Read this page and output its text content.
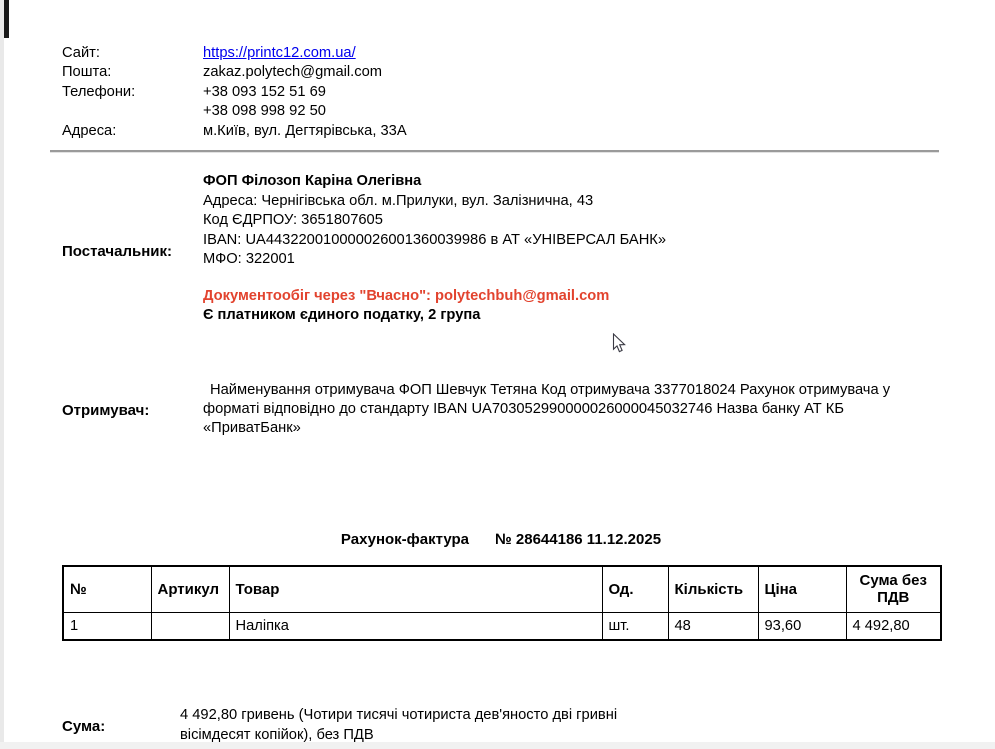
Сайт:	https://printc12.com.ua/
Пошта:	zakaz.polytech@gmail.com
Телефони:	+38 093 152 51 69
+38 098 998 92 50
Адреса:	м.Київ, вул. Дегтярівська, 33А
Постачальник:
ФОП Філозоп Каріна Олегівна
Адреса: Чернігівська обл. м.Прилуки, вул. Залізнична, 43
Код ЄДРПОУ: 3651807605
IBAN: UA443220010000026001360039986 в АТ «УНІВЕРСАЛ БАНК»
МФО: 322001
Документообіг через "Вчасно": polytechbuh@gmail.com
Є платником єдиного податку, 2 група
Отримувач:
Найменування отримувача ФОП Шевчук Тетяна Код отримувача 3377018024 Рахунок отримувача у форматі відповідно до стандарту IBAN UA703052990000026000045032746 Назва банку АТ КБ «ПриватБанк»
Рахунок-фактура № 28644186 11.12.2025
№	Артикул	Товар	Од.	Кількість	Ціна	Сума без ПДВ
1		Наліпка	шт.	48	93,60	4 492,80
Сума:
4 492,80 гривень (Чотири тисячі чотириста дев'яносто дві гривні вісімдесят копійок), без ПДВ
